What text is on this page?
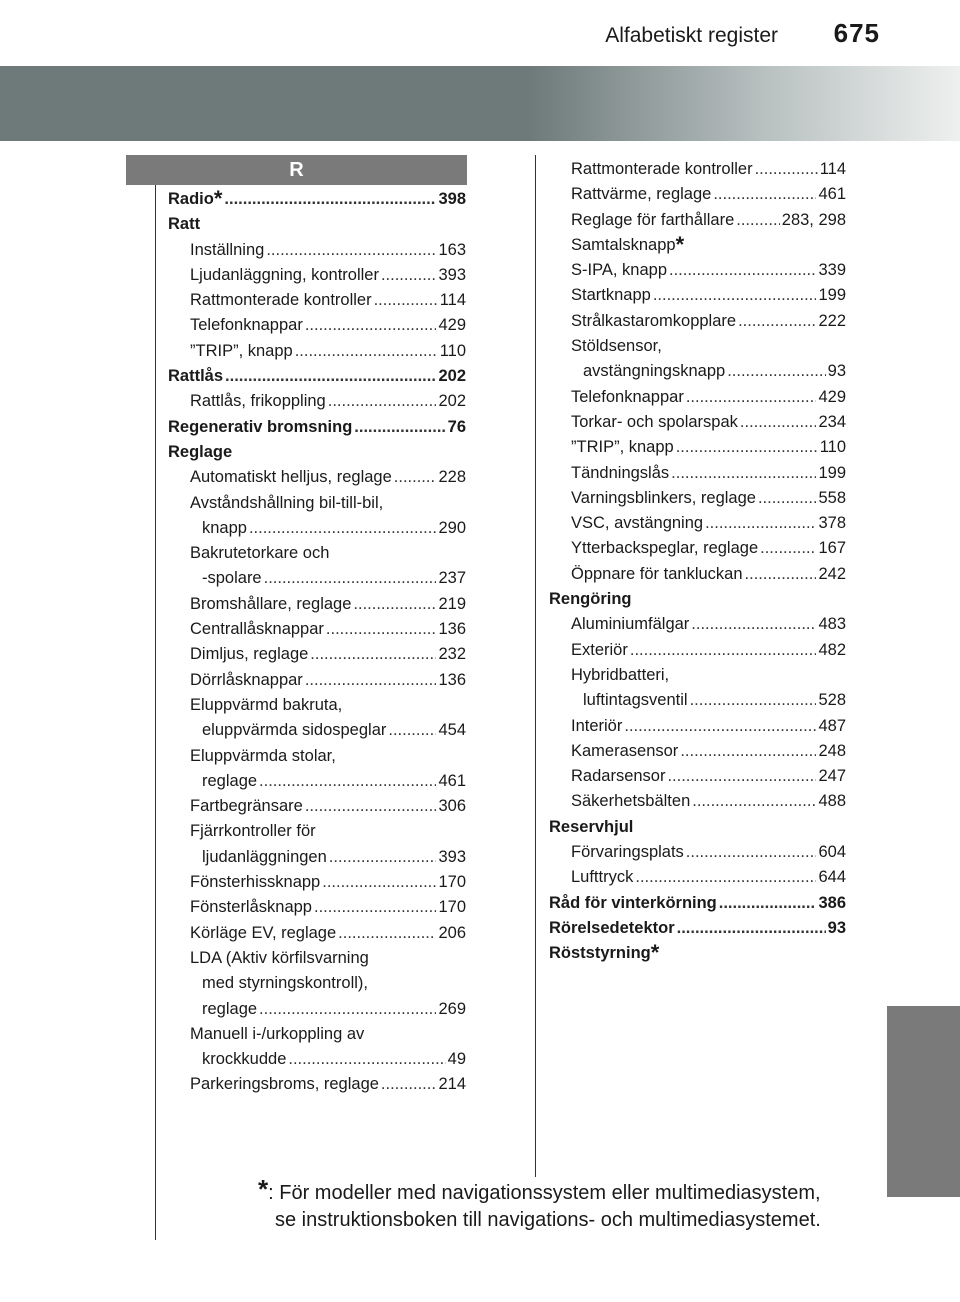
Alfabetiskt register 675
R
Radio* .....	398
Ratt
Inställning .....	163
Ljudanläggning, kontroller .....	393
Rattmonterade kontroller .....	114
Telefonknappar .....	429
”TRIP”, knapp .....	110
Rattlås .....	202
Rattlås, frikoppling .....	202
Regenerativ bromsning .....	76
Reglage
Automatiskt helljus, reglage .....	228
Avståndshållning bil-till-bil,
knapp .....	290
Bakrutetorkare och
-spolare .....	237
Bromshållare, reglage .....	219
Centrallåsknappar .....	136
Dimljus, reglage .....	232
Dörrlåsknappar .....	136
Eluppvärmd bakruta,
eluppvärmda sidospeglar .....	454
Eluppvärmda stolar,
reglage .....	461
Fartbegränsare .....	306
Fjärrkontroller för
ljudanläggningen .....	393
Fönsterhissknapp .....	170
Fönsterlåsknapp .....	170
Körläge EV, reglage .....	206
LDA (Aktiv körfilsvarning
med styrningskontroll),
reglage .....	269
Manuell i-/urkoppling av
krockkudde .....	49
Parkeringsbroms, reglage .....	214
Rattmonterade kontroller .....	114
Rattvärme, reglage .....	461
Reglage för farthållare .....	283, 298
Samtalsknapp*
S-IPA, knapp .....	339
Startknapp .....	199
Strålkastaromkopplare .....	222
Stöldsensor,
avstängningsknapp .....	93
Telefonknappar .....	429
Torkar- och spolarspak .....	234
”TRIP”, knapp .....	110
Tändningslås .....	199
Varningsblinkers, reglage .....	558
VSC, avstängning .....	378
Ytterbackspeglar, reglage .....	167
Öppnare för tankluckan .....	242
Rengöring
Aluminiumfälgar .....	483
Exteriör .....	482
Hybridbatteri,
luftintagsventil .....	528
Interiör .....	487
Kamerasensor .....	248
Radarsensor .....	247
Säkerhetsbälten .....	488
Reservhjul
Förvaringsplats .....	604
Lufttryck .....	644
Råd för vinterkörning .....	386
Rörelsedetektor .....	93
Röststyrning*
*: För modeller med navigationssystem eller multimediasystem,
se instruktionsboken till navigations- och multimediasystemet.
